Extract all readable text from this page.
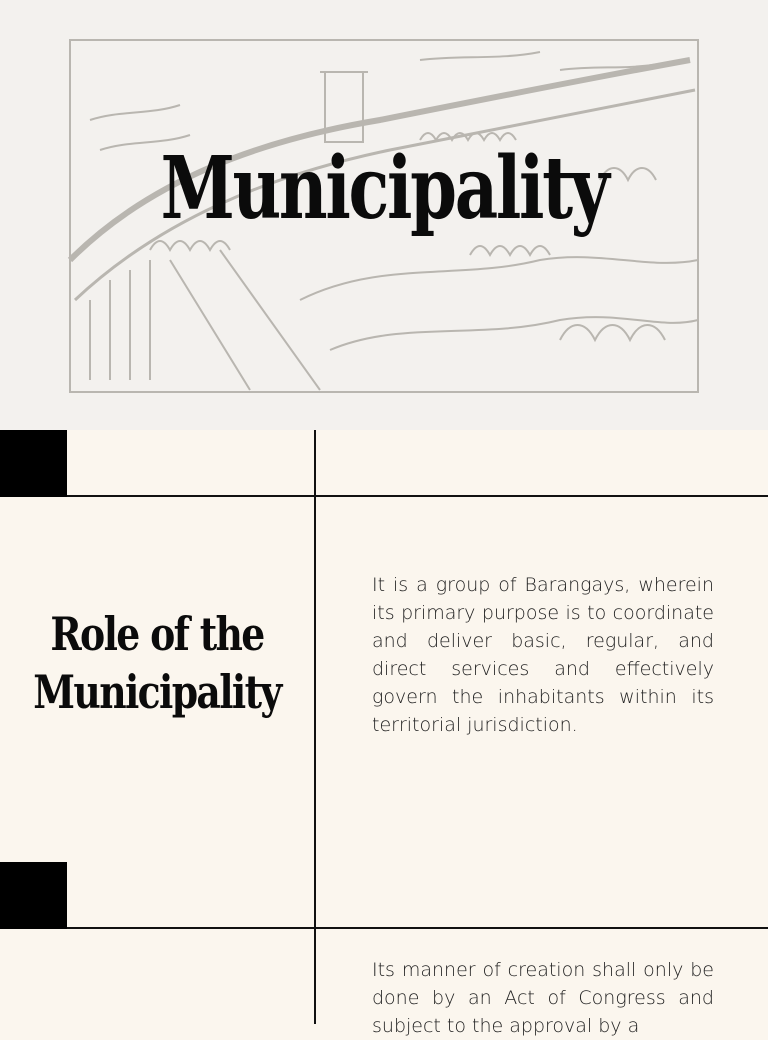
Municipality
Role of the
Municipality
It is a group of Barangays, wherein its primary purpose is to coordinate and deliver basic, regular, and direct services and effectively govern the inhabitants within its territorial jurisdiction.
Its manner of creation shall only be done by an Act of Congress and subject to the approval by a
